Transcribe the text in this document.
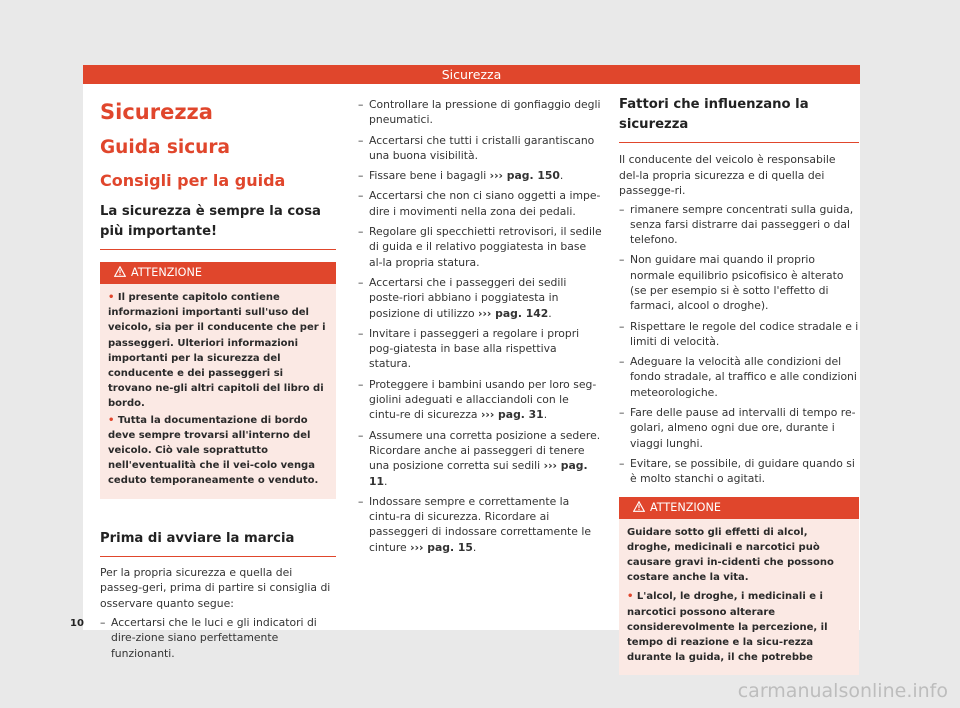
Sicurezza
Sicurezza
Guida sicura
Consigli per la guida
La sicurezza è sempre la cosa più importante!
ATTENZIONE

• Il presente capitolo contiene informazioni importanti sull'uso del veicolo, sia per il conducente che per i passeggeri. Ulteriori informazioni importanti per la sicurezza del conducente e dei passeggeri si trovano ne-gli altri capitoli del libro di bordo.

• Tutta la documentazione di bordo deve sempre trovarsi all'interno del veicolo. Ciò vale soprattutto nell'eventualità che il vei-colo venga ceduto temporaneamente o venduto.

Prima di avviare la marcia

Per la propria sicurezza e quella dei passeg-geri, prima di partire si consiglia di osservare quanto segue:

– Accertarsi che le luci e gli indicatori di dire-zione siano perfettamente funzionanti.
– Controllare la pressione di gonfiaggio degli pneumatici.
– Accertarsi che tutti i cristalli garantiscano una buona visibilità.
– Fissare bene i bagagli ››› pag. 150.
– Accertarsi che non ci siano oggetti a impe-dire i movimenti nella zona dei pedali.
– Regolare gli specchietti retrovisori, il sedile di guida e il relativo poggiatesta in base al-la propria statura.
– Accertarsi che i passeggeri dei sedili poste-riori abbiano i poggiatesta in posizione di utilizzo ››› pag. 142.
– Invitare i passeggeri a regolare i propri pog-giatesta in base alla rispettiva statura.
– Proteggere i bambini usando per loro seg-giolini adeguati e allacciandoli con le cintu-re di sicurezza ››› pag. 31.
– Assumere una corretta posizione a sedere. Ricordare anche ai passeggeri di tenere una posizione corretta sui sedili ››› pag. 11.
– Indossare sempre e correttamente la cintu-ra di sicurezza. Ricordare ai passeggeri di indossare correttamente le cinture ››› pag. 15.
Fattori che influenzano la sicurezza

Il conducente del veicolo è responsabile del-la propria sicurezza e di quella dei passegge-ri.

– rimanere sempre concentrati sulla guida, senza farsi distrarre dai passeggeri o dal telefono.
– Non guidare mai quando il proprio normale equilibrio psicofisico è alterato (se per esempio si è sotto l'effetto di farmaci, alcool o droghe).
– Rispettare le regole del codice stradale e i limiti di velocità.
– Adeguare la velocità alle condizioni del fondo stradale, al traffico e alle condizioni meteorologiche.
– Fare delle pause ad intervalli di tempo re-golari, almeno ogni due ore, durante i viaggi lunghi.
– Evitare, se possibile, di guidare quando si è molto stanchi o agitati.
ATTENZIONE

Guidare sotto gli effetti di alcol, droghe, medicinali e narcotici può causare gravi in-cidenti che possono costare anche la vita.

• L'alcol, le droghe, i medicinali e i narcotici possono alterare considerevolmente la percezione, il tempo di reazione e la sicu-rezza durante la guida, il che potrebbe

10
carmanualsonline.info
